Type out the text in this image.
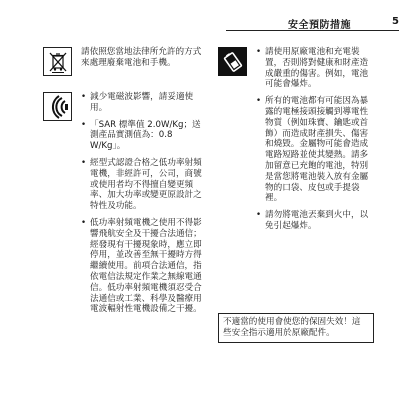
安全預防措施	5
請依照您當地法律所允許的方式來處理廢棄電池和手機。
• 減少電磁波影響，請妥適使用。
• 「SAR 標準值 2.0W/Kg；送測產品實測值為：0.8 W/Kg」。
• 經型式認證合格之低功率射頻電機，非經許可，公司，商號或使用者均不得擅自變更頻率、加大功率或變更原設計之特性及功能。
• 低功率射頻電機之使用不得影響飛航安全及干擾合法通信；經發現有干擾現象時，應立即停用，並改善至無干擾時方得繼續使用。前項合法通信，指依電信法規定作業之無線電通信。低功率射頻電機須忍受合法通信或工業、科學及醫療用電波輻射性電機設備之干擾。
• 請使用原廠電池和充電裝置，否則將對健康和財產造成嚴重的傷害。例如，電池可能會爆炸。
• 所有的電池都有可能因為暴露的電極接頭接觸到導電性物質（例如珠寶、鑰匙或首飾）而造成財產損失、傷害和燒毀。金屬物可能會造成電路短路並使其變熱。請多加留意已充飽的電池，特別是當您將電池裝入放有金屬物的口袋、皮包或手提袋裡。
• 請勿將電池丟棄到火中，以免引起爆炸。
不適當的使用會使您的保固失效！這些安全指示適用於原廠配件。
